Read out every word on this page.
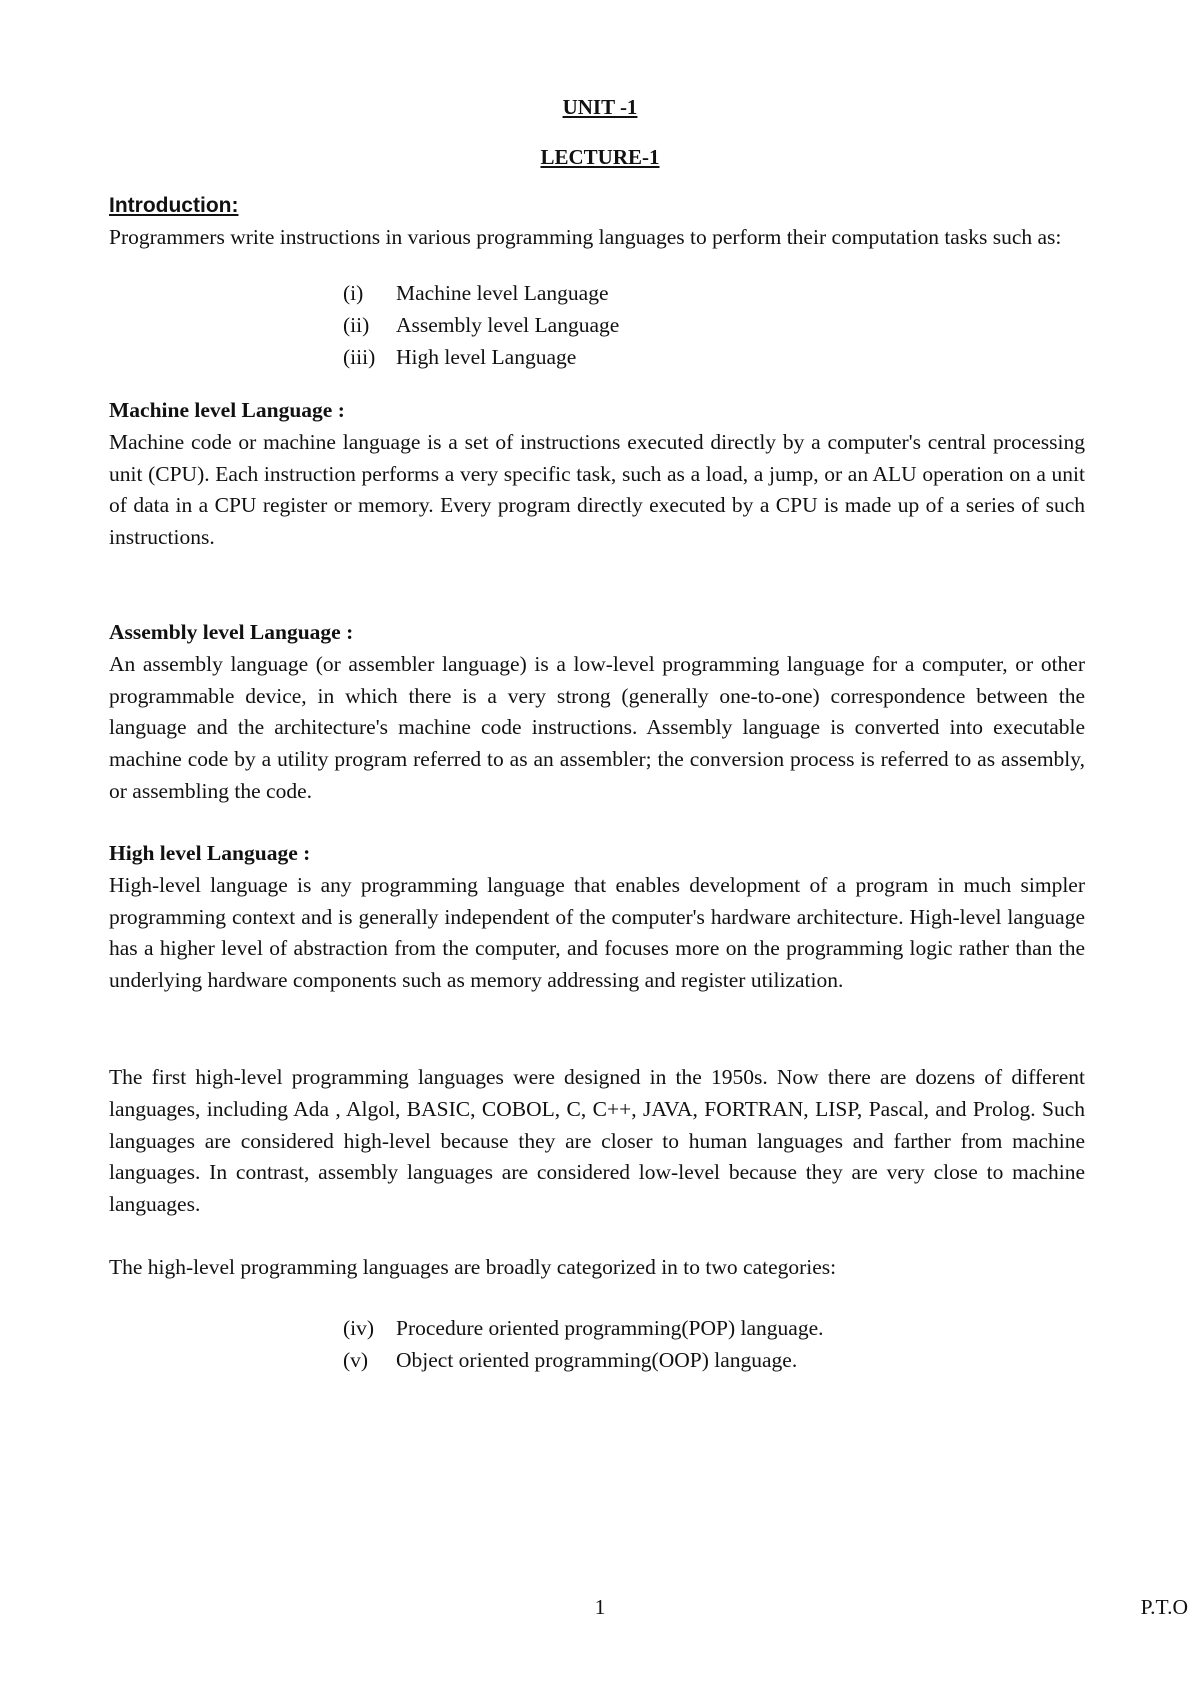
UNIT -1
LECTURE-1
Introduction:

Programmers write instructions in various programming languages to perform their computation tasks such as:

(i)	Machine level Language
(ii)	Assembly level Language
(iii) High level Language
Machine level Language :

Machine code or machine language is a set of instructions executed directly by a computer's central processing unit (CPU). Each instruction performs a very specific task, such as a load, a jump, or an ALU operation on a unit of data in a CPU register or memory. Every program directly executed by a CPU is made up of a series of such instructions.

Assembly level Language :

An assembly language (or assembler language) is a low-level programming language for a computer, or other programmable device, in which there is a very strong (generally one-to-one) correspondence between the language and the architecture's machine code instructions. Assembly language is converted into executable machine code by a utility program referred to as an assembler; the conversion process is referred to as assembly, or assembling the code.

High level Language :

High-level language is any programming language that enables development of a program in much simpler programming context and is generally independent of the computer's hardware architecture. High-level language has a higher level of abstraction from the computer, and focuses more on the programming logic rather than the underlying hardware components such as memory addressing and register utilization.

The first high-level programming languages were designed in the 1950s. Now there are dozens of different languages, including Ada , Algol, BASIC, COBOL, C, C++, JAVA, FORTRAN, LISP, Pascal, and Prolog. Such languages are considered high-level because they are closer to human languages and farther from machine languages. In contrast, assembly languages are considered low-level because they are very close to machine languages.

The high-level programming languages are broadly categorized in to two categories:

(iv)	Procedure oriented programming(POP) language.
(v)	Object oriented programming(OOP) language.
1	P.T.O
